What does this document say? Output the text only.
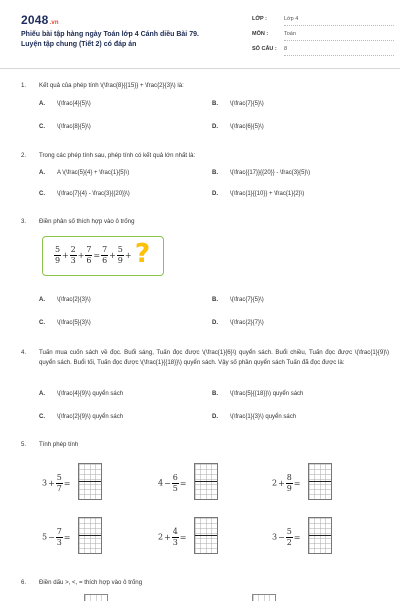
2048.vn
Phiếu bài tập hàng ngày Toán lớp 4 Cánh diều Bài 79.
Luyện tập chung (Tiết 2) có đáp án
LỚP :	Lớp 4
MÔN :	Toán
SỐ CÂU :	8
1.	Kết quả của phép tính \(\frac{8}{{15}} + \frac{2}{3}\) là:
A. \(\frac{4}{5}\)	B. \(\frac{7}{5}\)
C. \(\frac{8}{5}\)	D. \(\frac{6}{5}\)
2.	Trong các phép tính sau, phép tính có kết quả lớn nhất là:
A. A \(\frac{5}{4} + \frac{1}{5}\)	B. \(\frac{{17}}{{20}} - \frac{3}{5}\)
C. \(\frac{7}{4} - \frac{3}{{20}}\)	D. \(\frac{1}{{10}} + \frac{1}{2}\)
3.	Điền phân số thích hợp vào ô trống
$\frac{5}{9} + \frac{2}{3} + \frac{7}{6} = \frac{7}{6} + \frac{5}{9}$ + ?
A. \(\frac{2}{3}\)	B. \(\frac{7}{5}\)
C. \(\frac{5}{3}\)	D. \(\frac{2}{7}\)
4.	Tuấn mua cuốn sách về đọc. Buổi sáng, Tuấn đọc được \(\frac{1}{6}\) quyển sách. Buổi chiều, Tuấn đọc được \(\frac{1}{9}\) quyển sách. Buổi tối, Tuấn đọc được \(\frac{1}{{18}}\) quyển sách. Vậy số phần quyển sách Tuấn đã đọc được là:
A. \(\frac{4}{9}\) quyển sách	B. \(\frac{5}{{18}}\) quyển sách
C. \(\frac{2}{9}\) quyển sách	D. \(\frac{1}{3}\) quyển sách
5.	Tính phép tính
$3+ \frac{5}{7}$ =	$4- \frac{6}{5}$ =	$2+ \frac{8}{9}$ =
$5- \frac{7}{3}$ =	$2+ \frac{4}{3}$ =	$3- \frac{5}{2}$ =
6.	Điền dấu >, <, = thích hợp vào ô trống
